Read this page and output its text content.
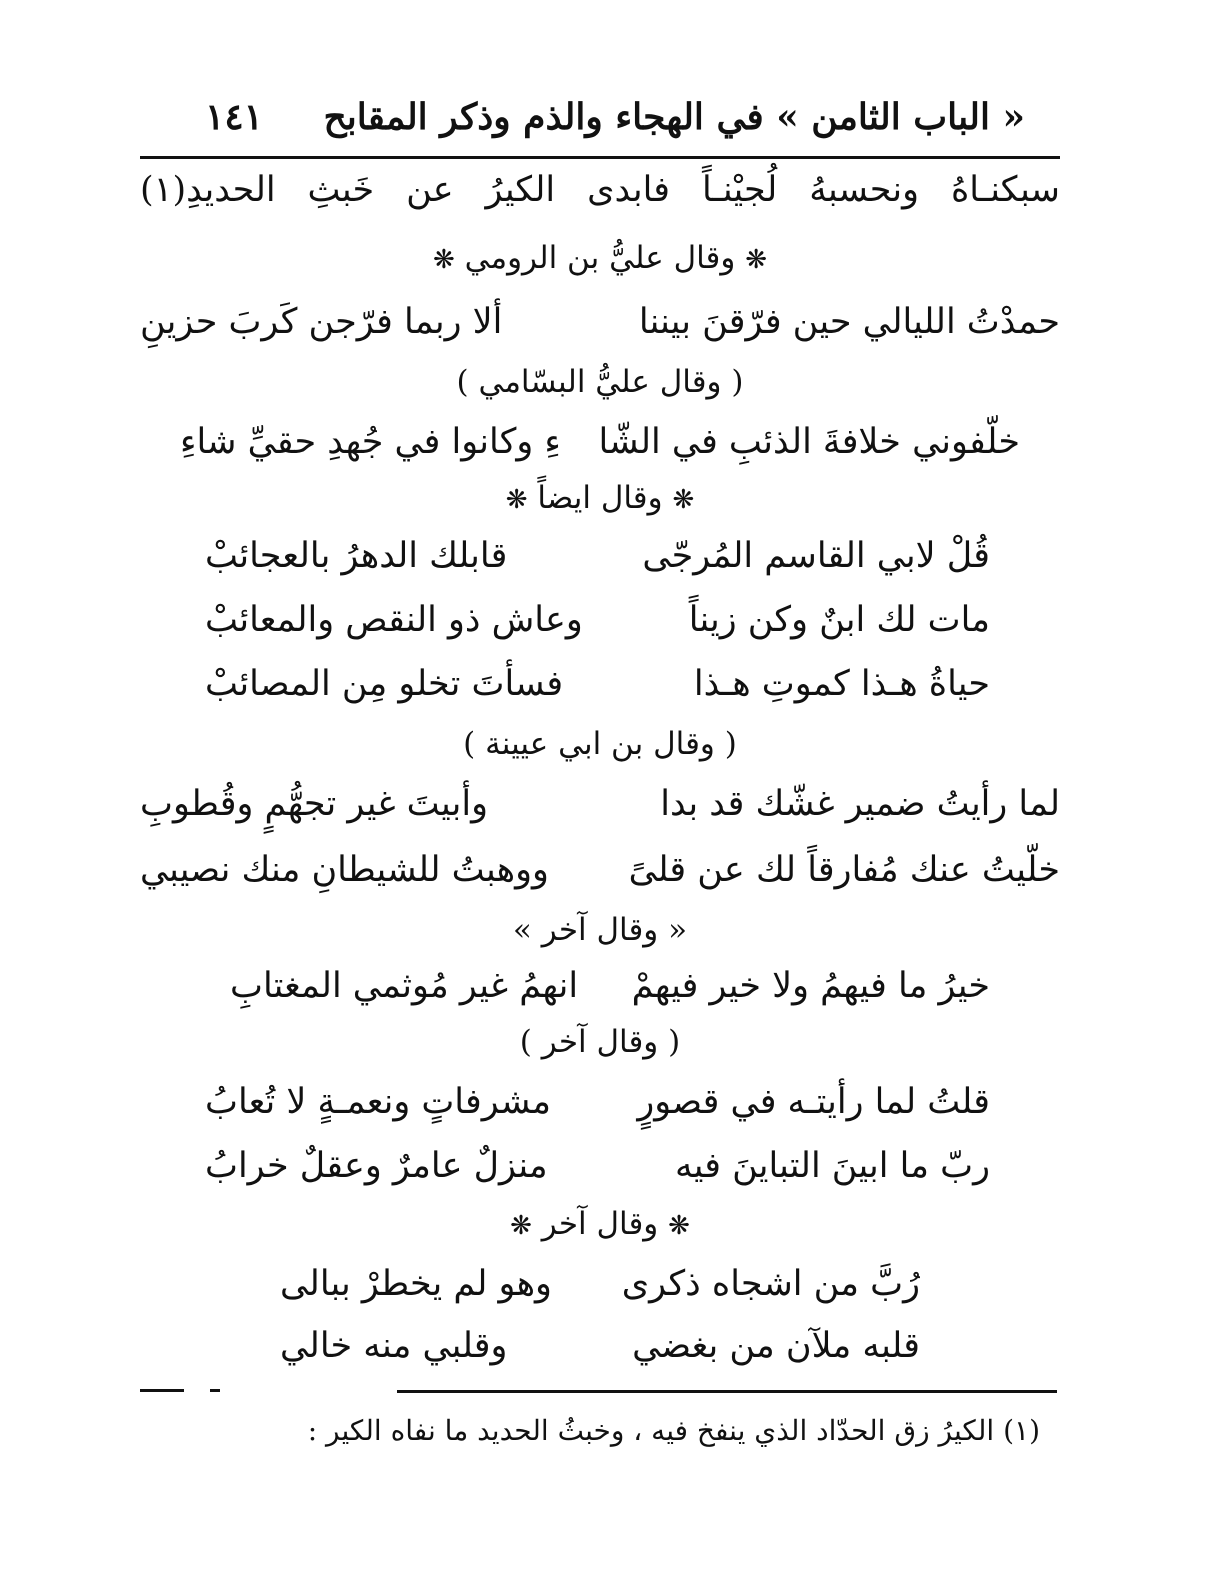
« الباب الثامن » في الهجاء والذم وذكر المقابح
١٤١
سبكنـاهُ ونحسبهُ لُجيْنـاً فابدى الكيرُ عن خَبثِ الحديدِ(١)
❋ وقال عليُّ بن الرومي ❋
حمدْتُ الليالي حين فرّقنَ بيننا
ألا ربما فرّجن كَربَ حزينِ
( وقال عليُّ البسّامي )
خلّفوني خلافةَ الذئبِ في الشّا
ءِ وكانوا في جُهدِ حقيِّ شاءِ
❋ وقال ايضاً ❋
قُلْ لابي القاسم المُرجّى
قابلك الدهرُ بالعجائبْ
مات لك ابنٌ وكن زيناً
وعاش ذو النقص والمعائبْ
حياةُ هـذا كموتِ هـذا
فسأتَ تخلو مِن المصائبْ
( وقال بن ابي عيينة )
لما رأيتُ ضمير غشّك قد بدا
وأبيتَ غير تجهُّمٍ وقُطوبِ
خلّيتُ عنك مُفارقاً لك عن قلىً
ووهبتُ للشيطانِ منك نصيبي
« وقال آخر »
خيرُ ما فيهمُ ولا خير فيهمْ
انهمُ غير مُوثمي المغتابِ
( وقال آخر )
قلتُ لما رأيتـه في قصورٍ
مشرفاتٍ ونعمـةٍ لا تُعابُ
ربّ ما ابينَ التباينَ فيه
منزلٌ عامرٌ وعقلٌ خرابُ
❋ وقال آخر ❋
رُبَّ من اشجاه ذكرى
وهو لم يخطرْ ببالى
قلبه ملآن من بغضي
وقلبي منه خالي
(١) الكيرُ زق الحدّاد الذي ينفخ فيه ، وخبثُ الحديد ما نفاه الكير :
